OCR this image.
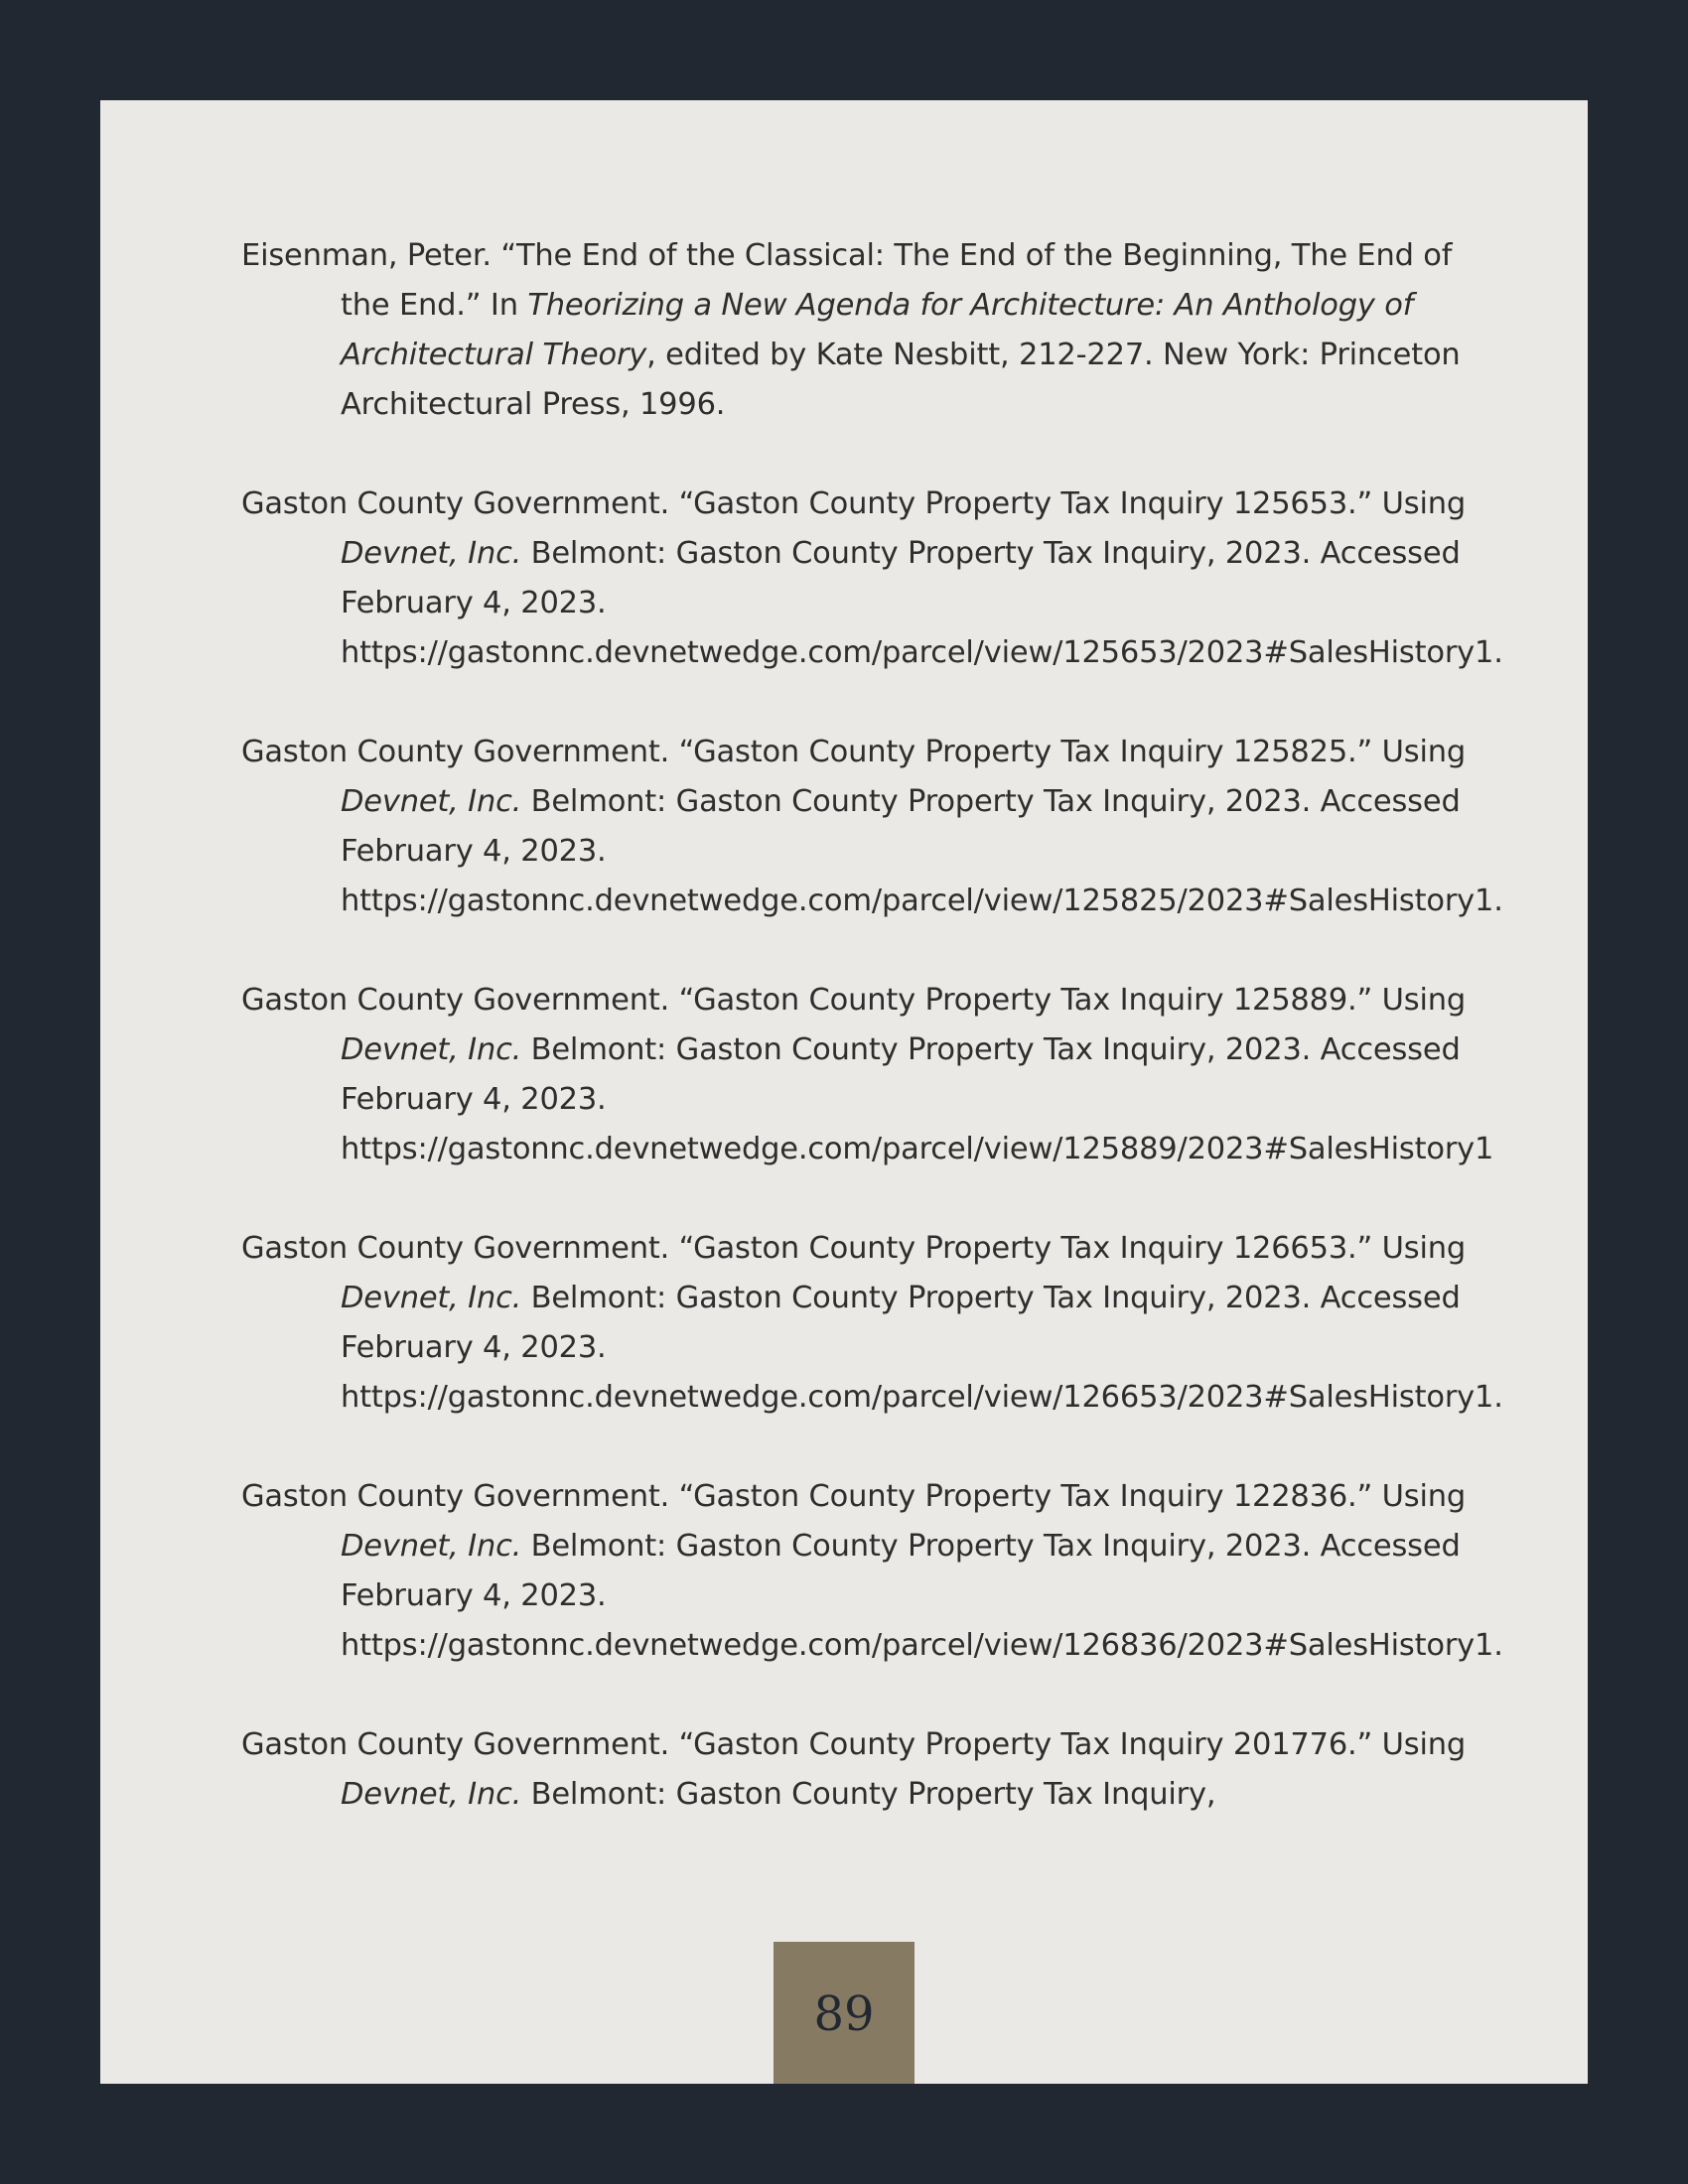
Eisenman, Peter. “The End of the Classical: The End of the Beginning, The End of the End.” In Theorizing a New Agenda for Architecture: An Anthology of Architectural Theory, edited by Kate Nesbitt, 212-227. New York: Princeton Architectural Press, 1996.

Gaston County Government. “Gaston County Property Tax Inquiry 125653.” Using Devnet, Inc. Belmont: Gaston County Property Tax Inquiry, 2023. Accessed February 4, 2023. https://gastonnc.devnetwedge.com/parcel/view/125653/2023#SalesHistory1.

Gaston County Government. “Gaston County Property Tax Inquiry 125825.” Using Devnet, Inc. Belmont: Gaston County Property Tax Inquiry, 2023. Accessed February 4, 2023. https://gastonnc.devnetwedge.com/parcel/view/125825/2023#SalesHistory1.

Gaston County Government. “Gaston County Property Tax Inquiry 125889.” Using Devnet, Inc. Belmont: Gaston County Property Tax Inquiry, 2023. Accessed February 4, 2023. https://gastonnc.devnetwedge.com/parcel/view/125889/2023#SalesHistory1

Gaston County Government. “Gaston County Property Tax Inquiry 126653.” Using Devnet, Inc. Belmont: Gaston County Property Tax Inquiry, 2023. Accessed February 4, 2023. https://gastonnc.devnetwedge.com/parcel/view/126653/2023#SalesHistory1.

Gaston County Government. “Gaston County Property Tax Inquiry 122836.” Using Devnet, Inc. Belmont: Gaston County Property Tax Inquiry, 2023. Accessed February 4, 2023. https://gastonnc.devnetwedge.com/parcel/view/126836/2023#SalesHistory1.

Gaston County Government. “Gaston County Property Tax Inquiry 201776.” Using Devnet, Inc. Belmont: Gaston County Property Tax Inquiry,

89
